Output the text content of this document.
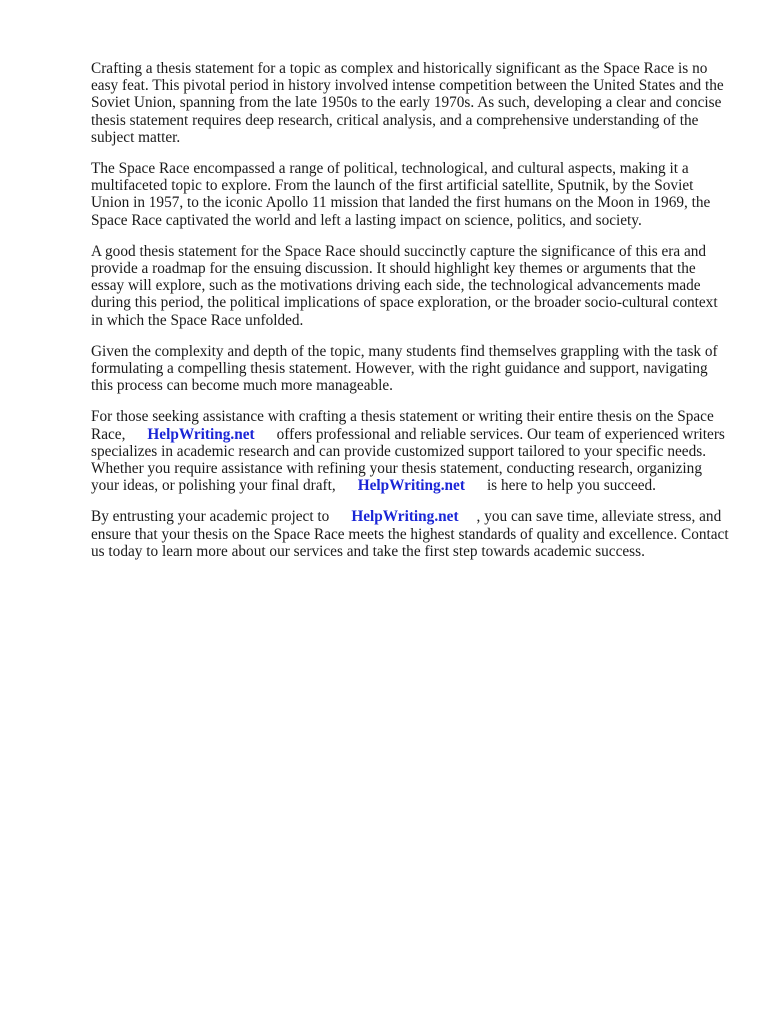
Crafting a thesis statement for a topic as complex and historically significant as the Space Race is no easy feat. This pivotal period in history involved intense competition between the United States and the Soviet Union, spanning from the late 1950s to the early 1970s. As such, developing a clear and concise thesis statement requires deep research, critical analysis, and a comprehensive understanding of the subject matter.

The Space Race encompassed a range of political, technological, and cultural aspects, making it a multifaceted topic to explore. From the launch of the first artificial satellite, Sputnik, by the Soviet Union in 1957, to the iconic Apollo 11 mission that landed the first humans on the Moon in 1969, the Space Race captivated the world and left a lasting impact on science, politics, and society.

A good thesis statement for the Space Race should succinctly capture the significance of this era and provide a roadmap for the ensuing discussion. It should highlight key themes or arguments that the essay will explore, such as the motivations driving each side, the technological advancements made during this period, the political implications of space exploration, or the broader socio-cultural context in which the Space Race unfolded.

Given the complexity and depth of the topic, many students find themselves grappling with the task of formulating a compelling thesis statement. However, with the right guidance and support, navigating this process can become much more manageable.

For those seeking assistance with crafting a thesis statement or writing their entire thesis on the Space Race, HelpWriting.net offers professional and reliable services. Our team of experienced writers specializes in academic research and can provide customized support tailored to your specific needs. Whether you require assistance with refining your thesis statement, conducting research, organizing your ideas, or polishing your final draft, HelpWriting.net is here to help you succeed.

By entrusting your academic project to HelpWriting.net , you can save time, alleviate stress, and ensure that your thesis on the Space Race meets the highest standards of quality and excellence. Contact us today to learn more about our services and take the first step towards academic success.
